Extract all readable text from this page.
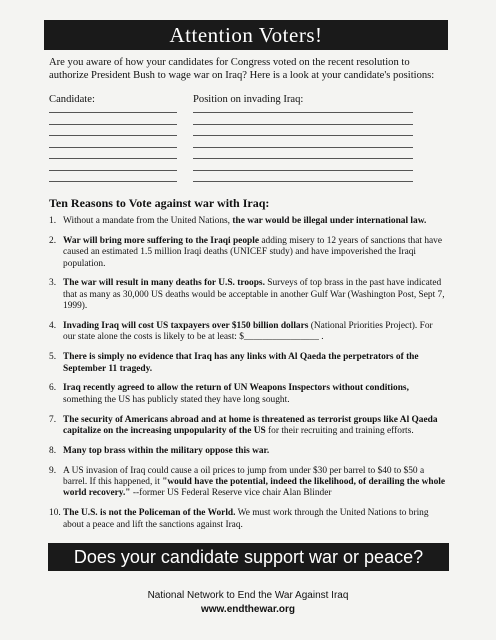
Attention Voters!
Are you aware of how your candidates for Congress voted on the recent resolution to authorize President Bush to wage war on Iraq? Here is a look at your candidate's positions:
Candidate:	Position on invading Iraq:
Ten Reasons to Vote against war with Iraq:
1. Without a mandate from the United Nations, the war would be illegal under international law.
2. War will bring more suffering to the Iraqi people adding misery to 12 years of sanctions that have caused an estimated 1.5 million Iraqi deaths (UNICEF study) and have impoverished the Iraqi population.
3. The war will result in many deaths for U.S. troops. Surveys of top brass in the past have indicated that as many as 30,000 US deaths would be acceptable in another Gulf War (Washington Post, Sept 7, 1999).
4. Invading Iraq will cost US taxpayers over $150 billion dollars (National Priorities Project). For our state alone the costs is likely to be at least: $________________ .
5. There is simply no evidence that Iraq has any links with Al Qaeda the perpetrators of the September 11 tragedy.
6. Iraq recently agreed to allow the return of UN Weapons Inspectors without conditions, something the US has publicly stated they have long sought.
7. The security of Americans abroad and at home is threatened as terrorist groups like Al Qaeda capitalize on the increasing unpopularity of the US for their recruiting and training efforts.
8. Many top brass within the military oppose this war.
9. A US invasion of Iraq could cause a oil prices to jump from under $30 per barrel to $40 to $50 a barrel. If this happened, it "would have the potential, indeed the likelihood, of derailing the whole world recovery." --former US Federal Reserve vice chair Alan Blinder
10. The U.S. is not the Policeman of the World. We must work through the United Nations to bring about a peace and lift the sanctions against Iraq.
Does your candidate support war or peace?
National Network to End the War Against Iraq
www.endthewar.org
